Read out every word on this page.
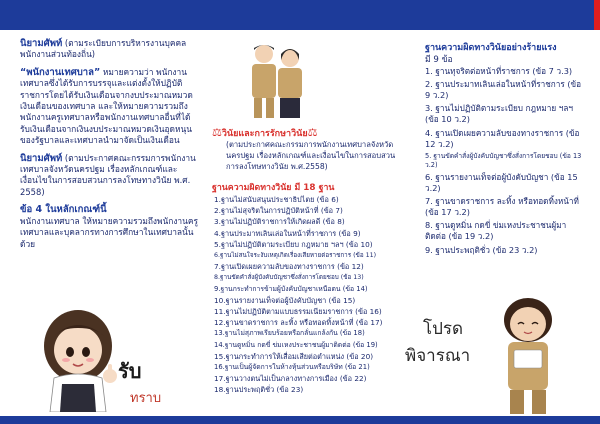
นิยามศัพท์ (ตามระเบียบการบริหารงานบุคคลพนักงานส่วนท้องถิ่น)

“พนักงานเทศบาล” หมายความว่า พนักงานเทศบาลซึ่งได้รับการบรรจุและแต่งตั้งให้ปฏิบัติราชการโดยได้รับเงินเดือนจากงบประมาณหมวดเงินเดือนของเทศบาล และให้หมายความรวมถึงพนักงานครูเทศบาลหรือพนักงานเทศบาลอื่นที่ได้รับเงินเดือนจากเงินงบประมาณหมวดเงินอุดหนุนของรัฐบาลและเทศบาลนำมาจัดเป็นเงินเดือน

นิยามศัพท์ (ตามประกาศคณะกรรมการพนักงานเทศบาลจังหวัดนครปฐม เรื่องหลักเกณฑ์และเงื่อนไขในการสอบสวนการลงโทษทางวินัย พ.ศ. 2558)

ข้อ 4 ในหลักเกณฑ์นี้
พนักงานเทศบาล ให้หมายความรวมถึงพนักงานครูเทศบาลและบุคลากรทางการศึกษาในเทศบาลนั้นด้วย

รับ
ทราบ
⚖วินัยและการรักษาวินัย⚖
(ตามประกาศคณะกรรมการพนักงานเทศบาลจังหวัดนครปฐม เรื่องหลักเกณฑ์และเงื่อนไขในการสอบสวนการลงโทษทางวินัย พ.ศ.2558)
ฐานความผิดทางวินัย มี 18 ฐาน
1.ฐานไม่สนับสนุนประชาธิปไตย (ข้อ 6)
2.ฐานไม่สุจริตในการปฏิบัติหน้าที่ (ข้อ 7)
3.ฐานไม่ปฏิบัติราชการให้เกิดผลดี (ข้อ 8)
4.ฐานประมาทเลินเล่อในหน้าที่ราชการ (ข้อ 9)
5.ฐานไม่ปฏิบัติตามระเบียบ กฎหมาย ฯลฯ (ข้อ 10)
6.ฐานไม่สนใจระงับเหตุเกิดเรื่องเสียหายต่อราชการ (ข้อ 11)
7.ฐานเปิดเผยความลับของทางราชการ (ข้อ 12)
8.ฐานขัดคำสั่งผู้บังคับบัญชาซึ่งสั่งการโดยชอบ (ข้อ 13)
9.ฐานกระทำการข้ามผู้บังคับบัญชาเหนือตน (ข้อ 14)
10.ฐานรายงานเท็จต่อผู้บังคับบัญชา (ข้อ 15)
11.ฐานไม่ปฏิบัติตามแบบธรรมเนียมราชการ (ข้อ 16)
12.ฐานขาดราชการ ละทิ้ง หรือทอดทิ้งหน้าที่ (ข้อ 17)
13.ฐานไม่สุภาพเรียบร้อยหรือกลั่นแกล้งกัน (ข้อ 18)
14.ฐานดูหมิ่น กดขี่ ข่มเหงประชาชนผู้มาติดต่อ (ข้อ 19)
15.ฐานกระทำการให้เสื่อมเสียต่อตำแหน่ง (ข้อ 20)
16.ฐานเป็นผู้จัดการในห้างหุ้นส่วนหรือบริษัท (ข้อ 21)
17.ฐานวางตนไม่เป็นกลางทางการเมือง (ข้อ 22)
18.ฐานประพฤติชั่ว (ข้อ 23)
ฐานความผิดทางวินัยอย่างร้ายแรง
มี 9 ข้อ
1. ฐานทุจริตต่อหน้าที่ราชการ (ข้อ 7 ว.3)
2. ฐานประมาทเลินเล่อในหน้าที่ราชการ (ข้อ 9 ว.2)
3. ฐานไม่ปฏิบัติตามระเบียบ กฎหมาย ฯลฯ (ข้อ 10 ว.2)
4. ฐานเปิดเผยความลับของทางราชการ (ข้อ 12 ว.2)
5. ฐานขัดคำสั่งผู้บังคับบัญชาซึ่งสั่งการโดยชอบ (ข้อ 13 ว.2)
6. ฐานรายงานเท็จต่อผู้บังคับบัญชา (ข้อ 15 ว.2)
7. ฐานขาดราชการ ละทิ้ง หรือทอดทิ้งหน้าที่ (ข้อ 17 ว.2)
8. ฐานดูหมิ่น กดขี่ ข่มเหงประชาชนผู้มาติดต่อ (ข้อ 19 ว.2)
9. ฐานประพฤติชั่ว (ข้อ 23 ว.2)
โปรด
พิจารณา
